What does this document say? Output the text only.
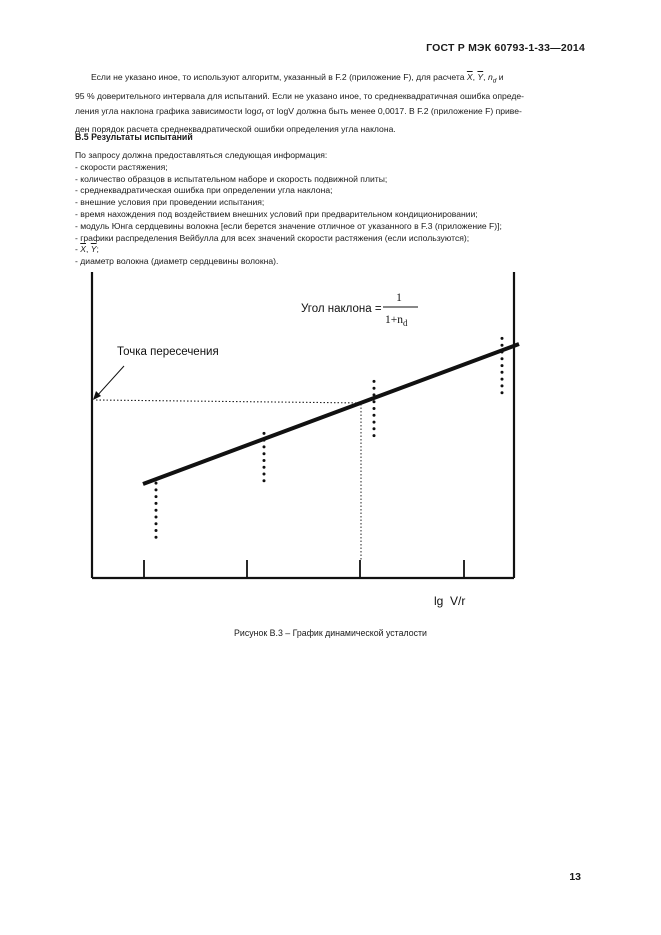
ГОСТ Р МЭК 60793-1-33—2014
Если не указано иное, то используют алгоритм, указанный в F.2 (приложение F), для расчета $\overline{X}$, $\overline{Y}$, $n_d$ и
95 % доверительного интервала для испытаний. Если не указано иное, то среднеквадратичная ошибка опреде-
ления угла наклона графика зависимости logσ$_f$ от logV должна быть менее 0,0017. В F.2 (приложение F) приве-
ден порядок расчета среднеквадратической ошибки определения угла наклона.
B.5 Результаты испытаний
По запросу должна предоставляться следующая информация:
- скорости растяжения;
- количество образцов в испытательном наборе и скорость подвижной плиты;
- среднеквадратическая ошибка при определении угла наклона;
- внешние условия при проведении испытания;
- время нахождения под воздействием внешних условий при предварительном кондиционировании;
- модуль Юнга сердцевины волокна [если берется значение отличное от указанного в F.3 (приложение F)];
- графики распределения Вейбулла для всех значений скорости растяжения (если используются);
- $\overline{X}$, $\overline{Y}$;
- диаметр волокна (диаметр сердцевины волокна).
Точка пересечения
Угол наклона =
1
$1+n_d$
lg  V/r
Рисунок B.3 – График динамической усталости
13
